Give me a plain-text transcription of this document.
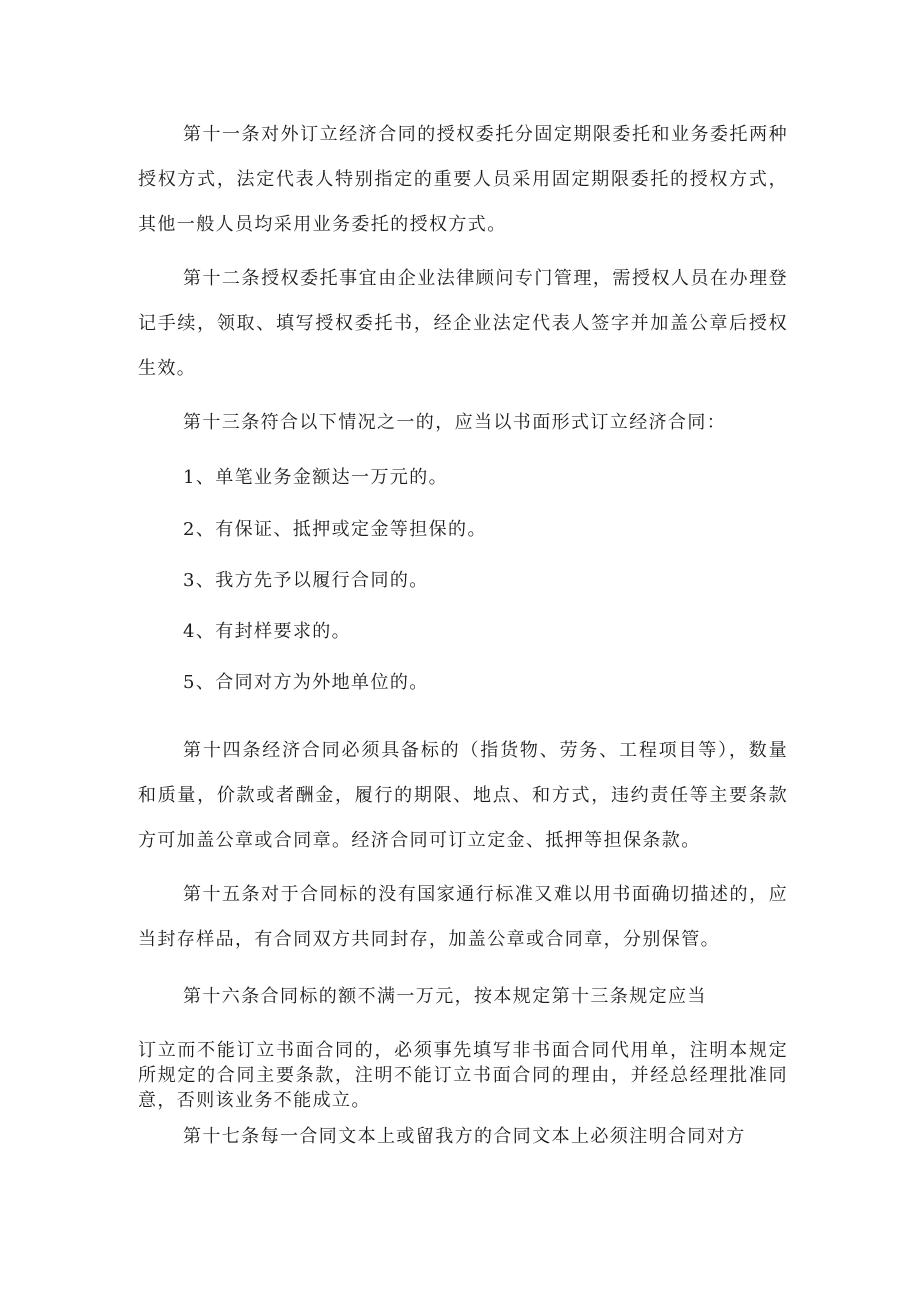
第十一条对外订立经济合同的授权委托分固定期限委托和业务委托两种授权方式，法定代表人特别指定的重要人员采用固定期限委托的授权方式，其他一般人员均采用业务委托的授权方式。

第十二条授权委托事宜由企业法律顾问专门管理，需授权人员在办理登记手续，领取、填写授权委托书，经企业法定代表人签字并加盖公章后授权生效。

第十三条符合以下情况之一的，应当以书面形式订立经济合同：

1、单笔业务金额达一万元的。

2、有保证、抵押或定金等担保的。

3、我方先予以履行合同的。

4、有封样要求的。

5、合同对方为外地单位的。

第十四条经济合同必须具备标的（指货物、劳务、工程项目等），数量和质量，价款或者酬金，履行的期限、地点、和方式，违约责任等主要条款方可加盖公章或合同章。经济合同可订立定金、抵押等担保条款。

第十五条对于合同标的没有国家通行标准又难以用书面确切描述的，应当封存样品，有合同双方共同封存，加盖公章或合同章，分别保管。

第十六条合同标的额不满一万元，按本规定第十三条规定应当

订立而不能订立书面合同的，必须事先填写非书面合同代用单，注明本规定所规定的合同主要条款，注明不能订立书面合同的理由，并经总经理批准同意，否则该业务不能成立。

第十七条每一合同文本上或留我方的合同文本上必须注明合同对方
